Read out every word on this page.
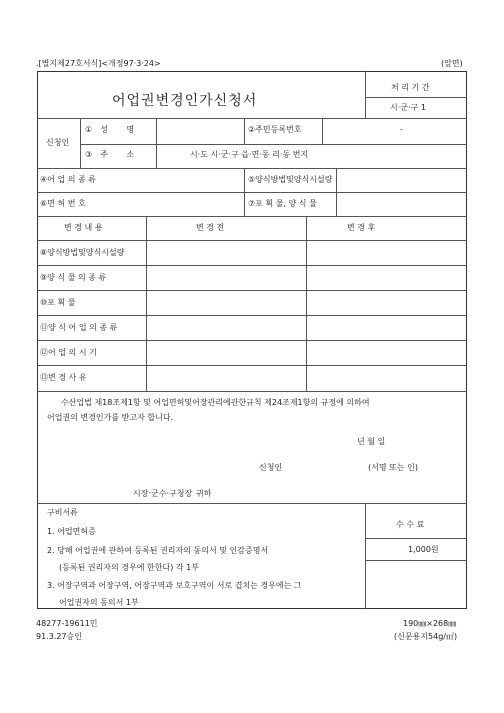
.[별지제27호서식]<개정97·3·24>	(앞면)
어업권변경인가신청서
처 리 기 간
시·군·구 1
신청인
①성 명	②주민등록번호	-
③주 소	시·도 시·군·구 읍·면·동 리·동 번지
④어 업 의 종 류	⑤양식방법및양식시설량
⑥면 허 번 호	⑦포 획 물, 양 식 물
변 경 내 용	변 경 전	변 경 후
⑧양식방법및양식시설량
⑨양 식 물 의 종 류
⑩포 획 물
⑪양 식 어 업 의 종 류
⑫어 업 의 시 기
⑬변 경 사 유
수산업법 제18조제1항 및 어업면허및어장관리에관한규칙 제24조제1항의 규정에 의하여
어업권의 변경인가를 받고자 합니다.
년 월 일
신청인	(서명 또는 인)
시장·군수·구청장 귀하
구비서류
1. 어업면허증
2. 당해 어업권에 관하여 등록된 권리자의 동의서 및 인감증명서
(등록된 권리자의 경우에 한한다) 각 1부
3. 어장구역과 어장구역, 어장구역과 보호구역이 서로 겹치는 경우에는 그
어업권자의 동의서 1부
수 수 료
1,000원
48277-19611민
91.3.27승인
190㎜×268㎜
(신문용지54g/㎡)
